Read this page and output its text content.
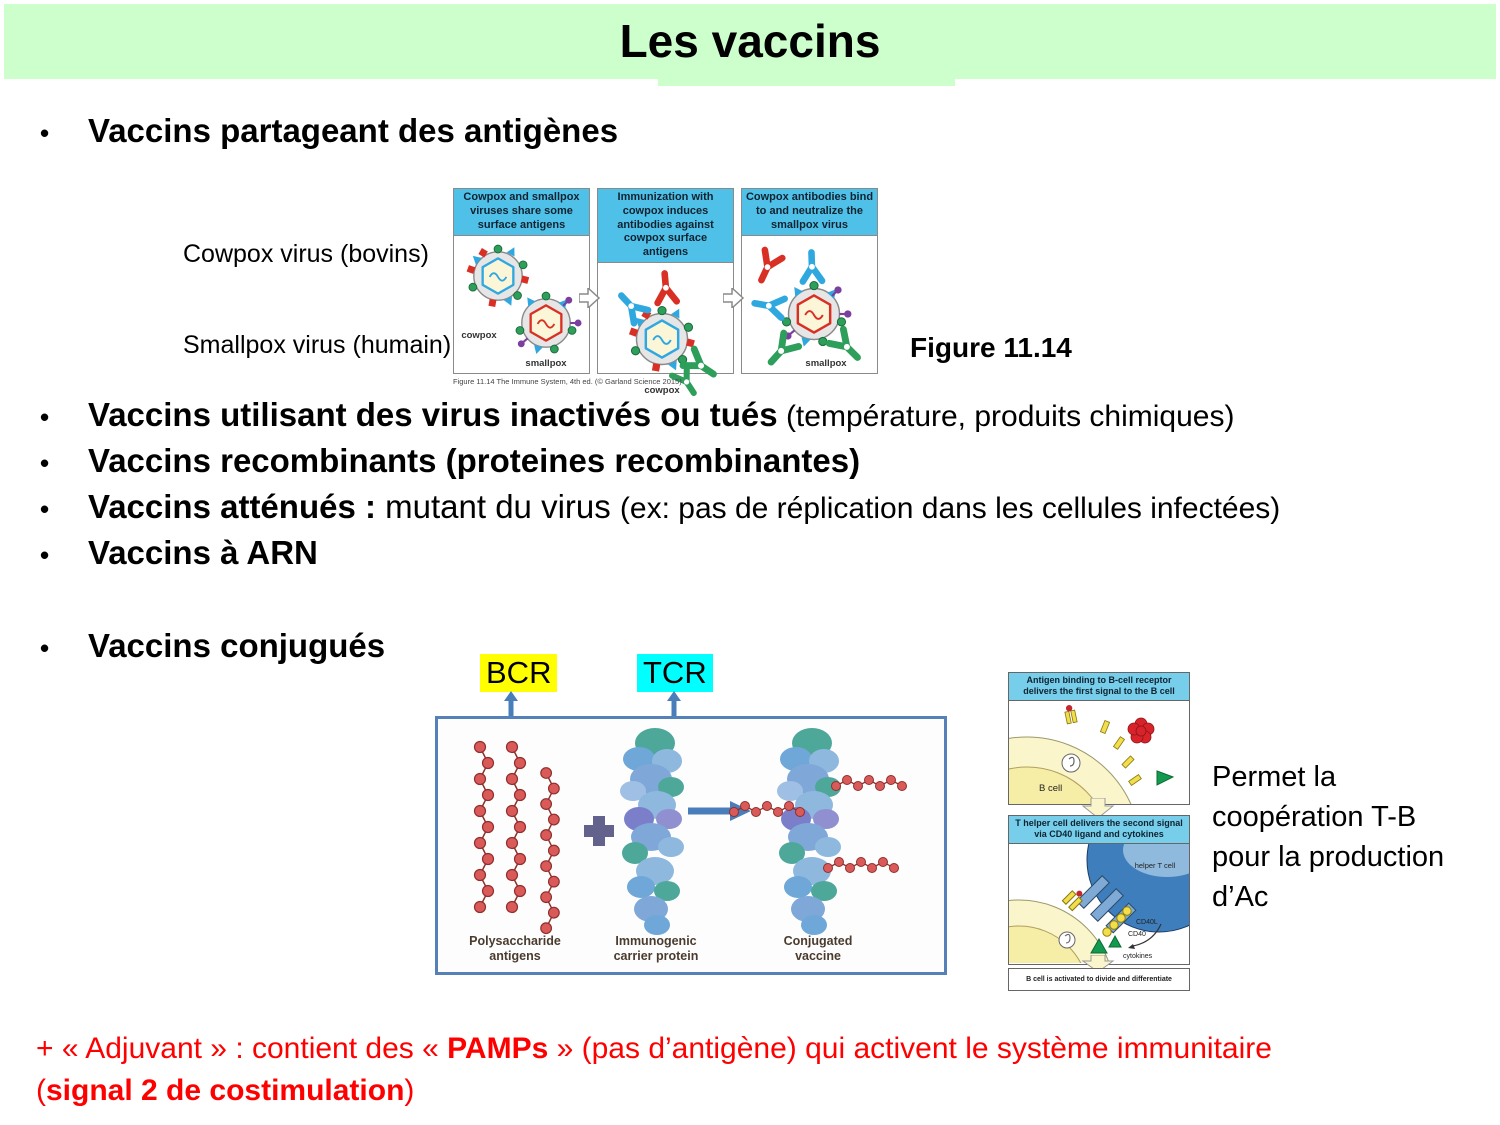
Les vaccins
•	Vaccins partageant des antigènes
Cowpox and smallpox viruses share some surface antigens
cowpox
smallpox
Immunization with cowpox induces antibodies against cowpox surface antigens
cowpox
Cowpox antibodies bind to and neutralize the smallpox virus
smallpox
Figure 11.14 The Immune System, 4th ed. (© Garland Science 2015)
Cowpox virus (bovins)
Smallpox virus (humain)	Figure 11.14
•	Vaccins utilisant des virus inactivés ou tués (température, produits chimiques)
•	Vaccins recombinants (proteines recombinantes)
•	Vaccins atténués : mutant du virus (ex: pas de réplication dans les cellules infectées)
•	Vaccins à ARN
•	Vaccins conjugués
BCR	TCR
Polysaccharide
antigens
Immunogenic
carrier protein
Conjugated
vaccine
Antigen binding to B-cell receptor delivers the first signal to the B cell
B cell
T helper cell delivers the second signal via CD40 ligand and cytokines
helper T cell
CD40L
CD40
cytokines
B cell is activated to divide and differentiate
Permet la coopération T-B pour la production d’Ac
+ « Adjuvant » : contient des « PAMPs » (pas d’antigène) qui activent le système immunitaire
(signal 2 de costimulation)
